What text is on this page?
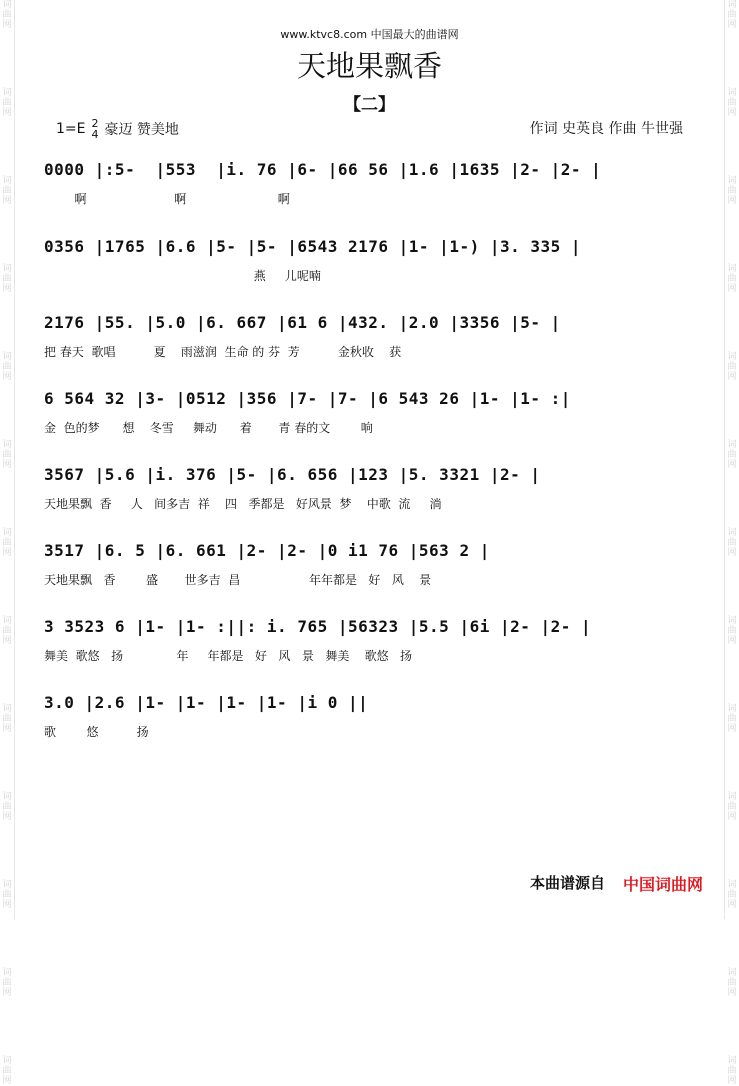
词
曲
网
词
曲
网
词
曲
网
词
曲
网
词
曲
网
词
曲
网
词
曲
网
词
曲
网
词
曲
网
词
曲
网
词
曲
网
词
曲
网
词
曲
网
词
曲
网
词
曲
网
词
曲
网
词
曲
网
词
曲
网
词
曲
网
词
曲
网
词
曲
网
词
曲
网
词
曲
网
词
曲
网
词
曲
网
词
曲
网
www.ktvc8.com 中国最大的曲谱网
天地果飘香
【二】
1=E 2
4 豪迈 赞美地	作词 史英良 作曲 牛世强
0000 |:5-  |553  |i. 76 |6- |66 56 |1.6 |1635 |2- |2- |
啊                       啊                        啊
0356 |1765 |6.6 |5- |5- |6543 2176 |1- |1-) |3. 335 |
燕     儿呢喃
2176 |55. |5.0 |6. 667 |61 6 |432. |2.0 |3356 |5- |
把 春天  歌唱          夏    雨滋润  生命 的 芬  芳          金秋收    获
6 564 32 |3- |0512 |356 |7- |7- |6 543 26 |1- |1- :|
金  色的梦      想    冬雪     舞动      着       青 春的文        响
3567 |5.6 |i. 376 |5- |6. 656 |123 |5. 3321 |2- |
天地果飘  香     人   间多吉  祥    四   季都是   好风景  梦    中歌  流     淌
3517 |6. 5 |6. 661 |2- |2- |0 i1 76 |563 2 |
天地果飘   香        盛       世多吉  昌                  年年都是   好   风    景
3 3523 6 |1- |1- :||: i. 765 |56323 |5.5 |6i |2- |2- |
舞美  歌悠   扬              年     年都是   好   风   景   舞美    歌悠   扬
3.0 |2.6 |1- |1- |1- |1- |i 0 ||
歌        悠          扬
本曲谱源自 中国词曲网
